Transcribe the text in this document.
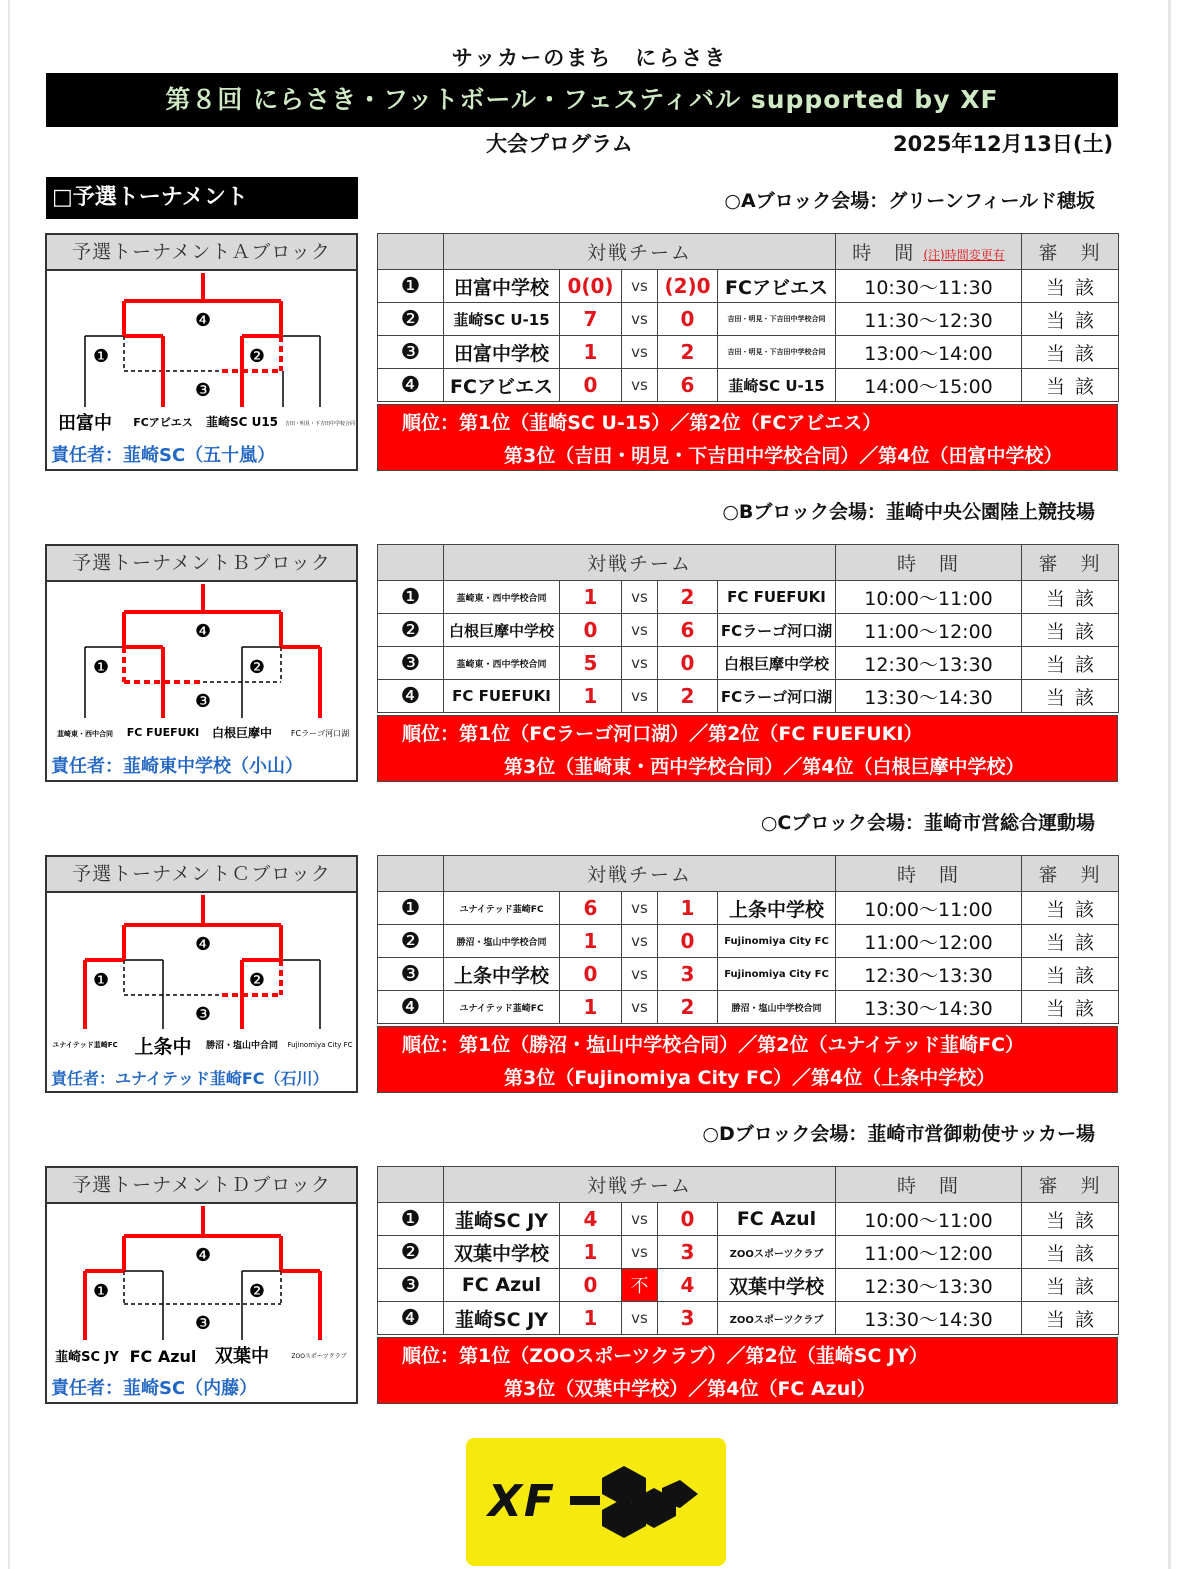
サッカーのまち　にらさき
第８回 にらさき・フットボール・フェスティバル supported by XF
大会プログラム	2025年12月13日(土)
□予選トーナメント	○Aブロック会場：グリーンフィールド穂坂
予選トーナメントＡブロック
❹
❶	❷
❸
田富中 FCアビエス 韮崎SC U15 吉田・明見・下吉田中学校合同
責任者：韮崎SC（五十嵐）
	対戦チーム					時　間 (注)時間変更有	審　判
❶	田富中学校	0(0)	vs	(2)0	FCアビエス	10:30〜11:30	当該
❷	韮崎SC U-15	7	vs	0	吉田・明見・下吉田中学校合同	11:30〜12:30	当該
❸	田富中学校	1	vs	2	吉田・明見・下吉田中学校合同	13:00〜14:00	当該
❹	FCアビエス	0	vs	6	韮崎SC U-15	14:00〜15:00	当該
順位：第1位（韮崎SC U-15）／第2位（FCアビエス）
第3位（吉田・明見・下吉田中学校合同）／第4位（田富中学校）
○Bブロック会場：韮崎中央公園陸上競技場
予選トーナメントＢブロック
❹
❶	❷
❸
韮崎東・西中合同 FC FUEFUKI 白根巨摩中 FCラーゴ河口湖
責任者：韮崎東中学校（小山）
	対戦チーム					時　間	審　判
❶	韮崎東・西中学校合同	1	vs	2	FC FUEFUKI	10:00〜11:00	当該
❷	白根巨摩中学校	0	vs	6	FCラーゴ河口湖	11:00〜12:00	当該
❸	韮崎東・西中学校合同	5	vs	0	白根巨摩中学校	12:30〜13:30	当該
❹	FC FUEFUKI	1	vs	2	FCラーゴ河口湖	13:30〜14:30	当該
順位：第1位（FCラーゴ河口湖）／第2位（FC FUEFUKI）
第3位（韮崎東・西中学校合同）／第4位（白根巨摩中学校）
○Cブロック会場：韮崎市営総合運動場
予選トーナメントＣブロック
❹
❶	❷
❸
ユナイテッド韮崎FC 上条中 勝沼・塩山中合同 Fujinomiya City FC
責任者：ユナイテッド韮崎FC（石川）
	対戦チーム					時　間	審　判
❶	ユナイテッド韮崎FC	6	vs	1	上条中学校	10:00〜11:00	当該
❷	勝沼・塩山中学校合同	1	vs	0	Fujinomiya City FC	11:00〜12:00	当該
❸	上条中学校	0	vs	3	Fujinomiya City FC	12:30〜13:30	当該
❹	ユナイテッド韮崎FC	1	vs	2	勝沼・塩山中学校合同	13:30〜14:30	当該
順位：第1位（勝沼・塩山中学校合同）／第2位（ユナイテッド韮崎FC）
第3位（Fujinomiya City FC）／第4位（上条中学校）
○Dブロック会場：韮崎市営御勅使サッカー場
予選トーナメントＤブロック
❹
❶	❷
❸
韮崎SC JY FC Azul 双葉中	ZOOスポーツクラブ
責任者：韮崎SC（内藤）
	対戦チーム					時　間	審　判
❶	韮崎SC JY	4	vs	0	FC Azul	10:00〜11:00	当該
❷	双葉中学校	1	vs	3	ZOOスポーツクラブ	11:00〜12:00	当該
❸	FC Azul	0	不	4	双葉中学校	12:30〜13:30	当該
❹	韮崎SC JY	1	vs	3	ZOOスポーツクラブ	13:30〜14:30	当該
順位：第1位（ZOOスポーツクラブ）／第2位（韮崎SC JY）
第3位（双葉中学校）／第4位（FC Azul）
XF
